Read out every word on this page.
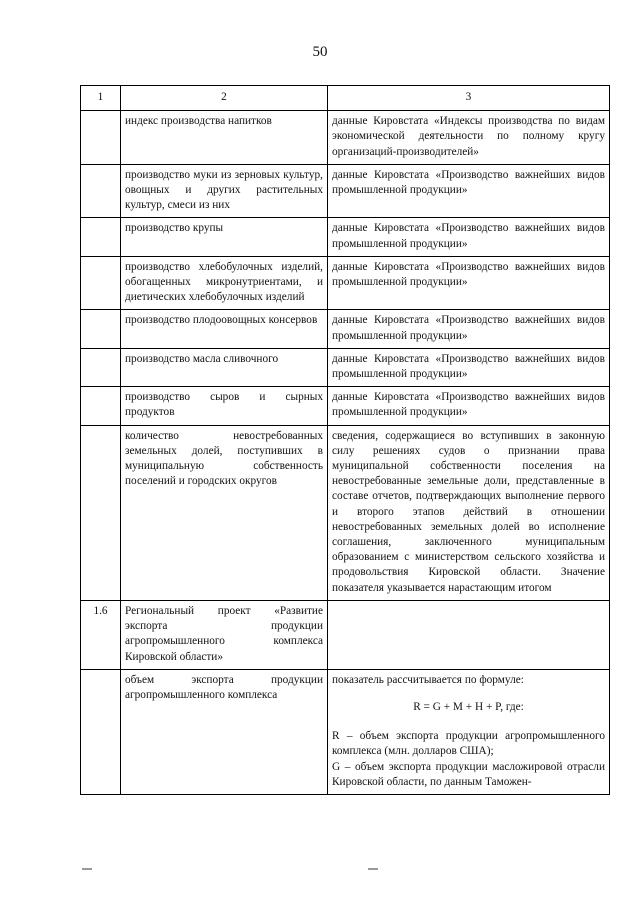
50
1	2	3
	индекс производства напитков	данные Кировстата «Индексы производства по видам экономической деятельности по полному кругу организаций-производителей»
	производство муки из зерновых культур, овощных и других растительных культур, смеси из них	данные Кировстата «Производство важнейших видов промышленной продукции»
	производство крупы	данные Кировстата «Производство важнейших видов промышленной продукции»
	производство хлебобулочных изделий, обогащенных микронутриентами, и диетических хлебобулочных изделий	данные Кировстата «Производство важнейших видов промышленной продукции»
	производство плодоовощных консервов	данные Кировстата «Производство важнейших видов промышленной продукции»
	производство масла сливочного	данные Кировстата «Производство важнейших видов промышленной продукции»
	производство сыров и сырных продуктов	данные Кировстата «Производство важнейших видов промышленной продукции»
	количество невостребованных земельных долей, поступивших в муниципальную собственность поселений и городских округов	сведения, содержащиеся во вступивших в законную силу решениях судов о признании права муниципальной собственности поселения на невостребованные земельные доли, представленные в составе отчетов, подтверждающих выполнение первого и второго этапов действий в отношении невостребованных земельных долей во исполнение соглашения, заключенного муниципальным образованием с министерством сельского хозяйства и продовольствия Кировской области. Значение показателя указывается нарастающим итогом
1.6	Региональный проект «Развитие экспорта продукции агропромышленного комплекса Кировской области»	
	объем экспорта продукции агропромышленного комплекса	показатель рассчитывается по формуле:

R = G + M + H + P, где:

R – объем экспорта продукции агропромышленного комплекса (млн. долларов США);

G – объем экспорта продукции масложировой отрасли Кировской области, по данным Таможен-
